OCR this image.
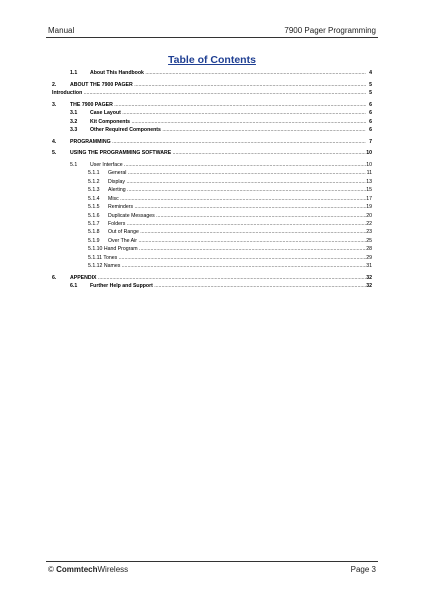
Manual	7900 Pager Programming
Table of Contents
1.1 About This Handbook .....	4
2.	ABOUT THE 7900 PAGER .....	5
Introduction .....	5
3.	THE 7900 PAGER .....	6
3.1 Case Layout .....	6
3.2 Kit Components .....	6
3.3 Other Required Components .....	6
4.	PROGRAMMING .....	7
5.	USING THE PROGRAMMING SOFTWARE .....	10
5.1 User Interface .....	10
5.1.1 General .....	11
5.1.2 Display .....	13
5.1.3 Alerting .....	15
5.1.4 Misc .....	17
5.1.5 Reminders .....	19
5.1.6 Duplicate Messages .....	20
5.1.7 Folders .....	22
5.1.8 Out of Range .....	23
5.1.9 Over The Air .....	25
5.1.10 Hand Program .....	28
5.1.11 Tones .....	29
5.1.12 Names .....	31
6.	APPENDIX .....	32
6.1 Further Help and Support .....	32
© CommtechWireless	Page 3
